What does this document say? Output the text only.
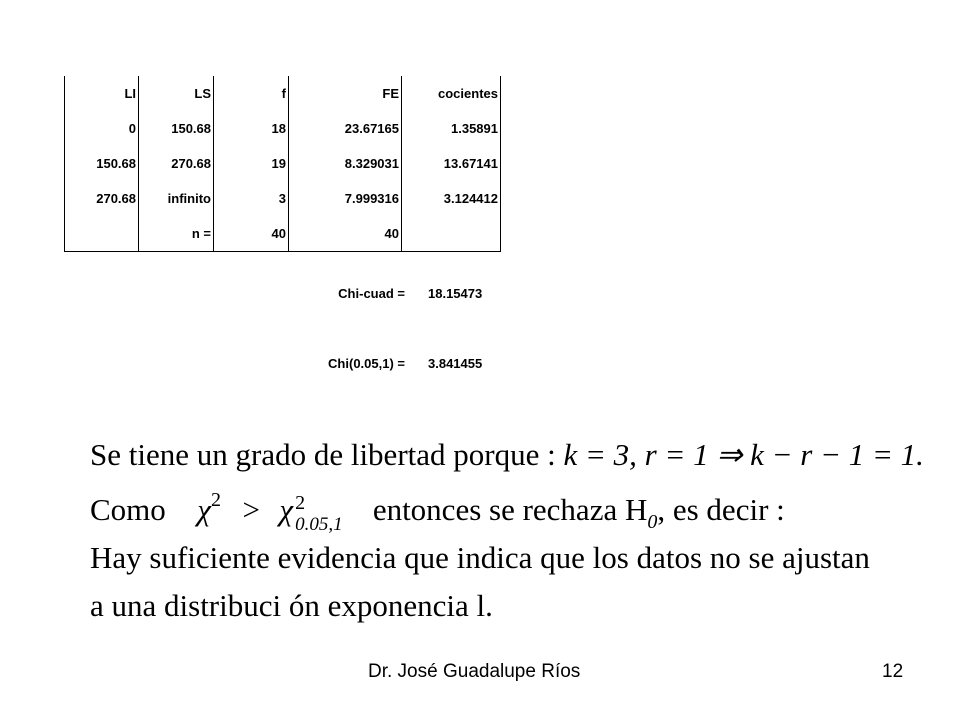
LI	LS	f	FE	cocientes
0	150.68	18	23.67165	1.35891
150.68	270.68	19	8.329031	13.67141
270.68	infinito	3	7.999316	3.124412
	n =	40	40	
Chi-cuad = 18.15473
Chi(0.05,1) = 3.841455
Se tiene un grado de libertad porque : k = 3, r = 1 ⇒ k − r − 1 = 1.
Como $\chi^2 > \chi$ 2
0.05,1 entonces se rechaza $H_0$, es decir :
Hay suficiente evidencia que indica que los datos no se ajustan
a una distribuci ón exponencia l.
Dr. José Guadalupe Ríos	12
